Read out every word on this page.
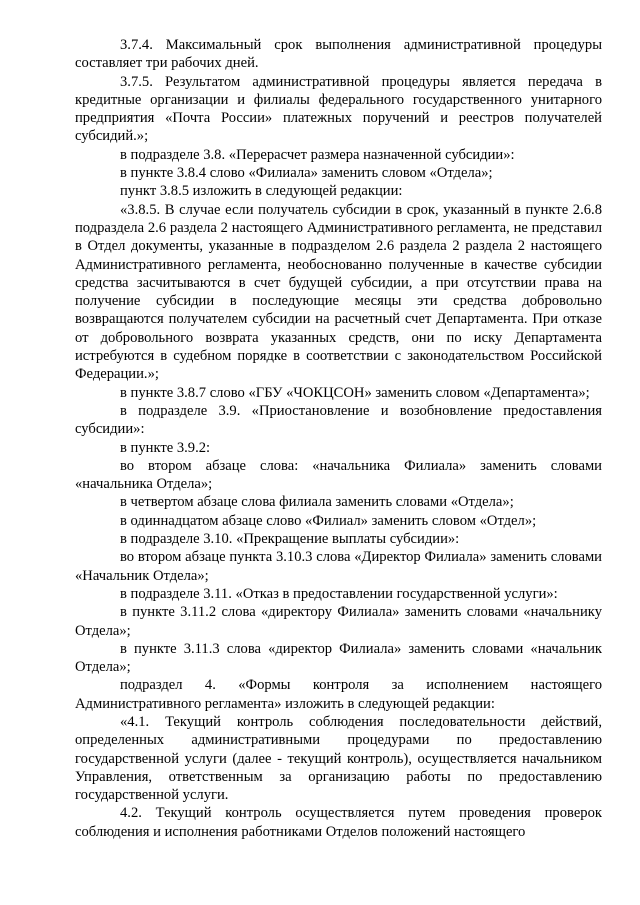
3.7.4. Максимальный срок выполнения административной процедуры составляет три рабочих дней.

3.7.5. Результатом административной процедуры является передача в кредитные организации и филиалы федерального государственного унитарного предприятия «Почта России» платежных поручений и реестров получателей субсидий.»;

в подразделе 3.8. «Перерасчет размера назначенной субсидии»:

в пункте 3.8.4 слово «Филиала» заменить словом «Отдела»;

пункт 3.8.5 изложить в следующей редакции:

«3.8.5. В случае если получатель субсидии в срок, указанный в пункте 2.6.8 подраздела 2.6 раздела 2 настоящего Административного регламента, не представил в Отдел документы, указанные в подразделом 2.6 раздела 2 раздела 2 настоящего Административного регламента, необоснованно полученные в качестве субсидии средства засчитываются в счет будущей субсидии, а при отсутствии права на получение субсидии в последующие месяцы эти средства добровольно возвращаются получателем субсидии на расчетный счет Департамента. При отказе от добровольного возврата указанных средств, они по иску Департамента истребуются в судебном порядке в соответствии с законодательством Российской Федерации.»;

в пункте 3.8.7 слово «ГБУ «ЧОКЦСОН» заменить словом «Департамента»;

в подразделе 3.9. «Приостановление и возобновление предоставления субсидии»:

в пункте 3.9.2:

во втором абзаце слова: «начальника Филиала» заменить словами «начальника Отдела»;

в четвертом абзаце слова филиала заменить словами «Отдела»;

в одиннадцатом абзаце слово «Филиал» заменить словом «Отдел»;

в подразделе 3.10. «Прекращение выплаты субсидии»:

во втором абзаце пункта 3.10.3 слова «Директор Филиала» заменить словами «Начальник Отдела»;

в подразделе 3.11. «Отказ в предоставлении государственной услуги»:

в пункте 3.11.2 слова «директору Филиала» заменить словами «начальнику Отдела»;

в пункте 3.11.3 слова «директор Филиала» заменить словами «начальник Отдела»;

подраздел 4. «Формы контроля за исполнением настоящего Административного регламента» изложить в следующей редакции:

«4.1. Текущий контроль соблюдения последовательности действий, определенных административными процедурами по предоставлению государственной услуги (далее - текущий контроль), осуществляется начальником Управления, ответственным за организацию работы по предоставлению государственной услуги.

4.2. Текущий контроль осуществляется путем проведения проверок соблюдения и исполнения работниками Отделов положений настоящего
